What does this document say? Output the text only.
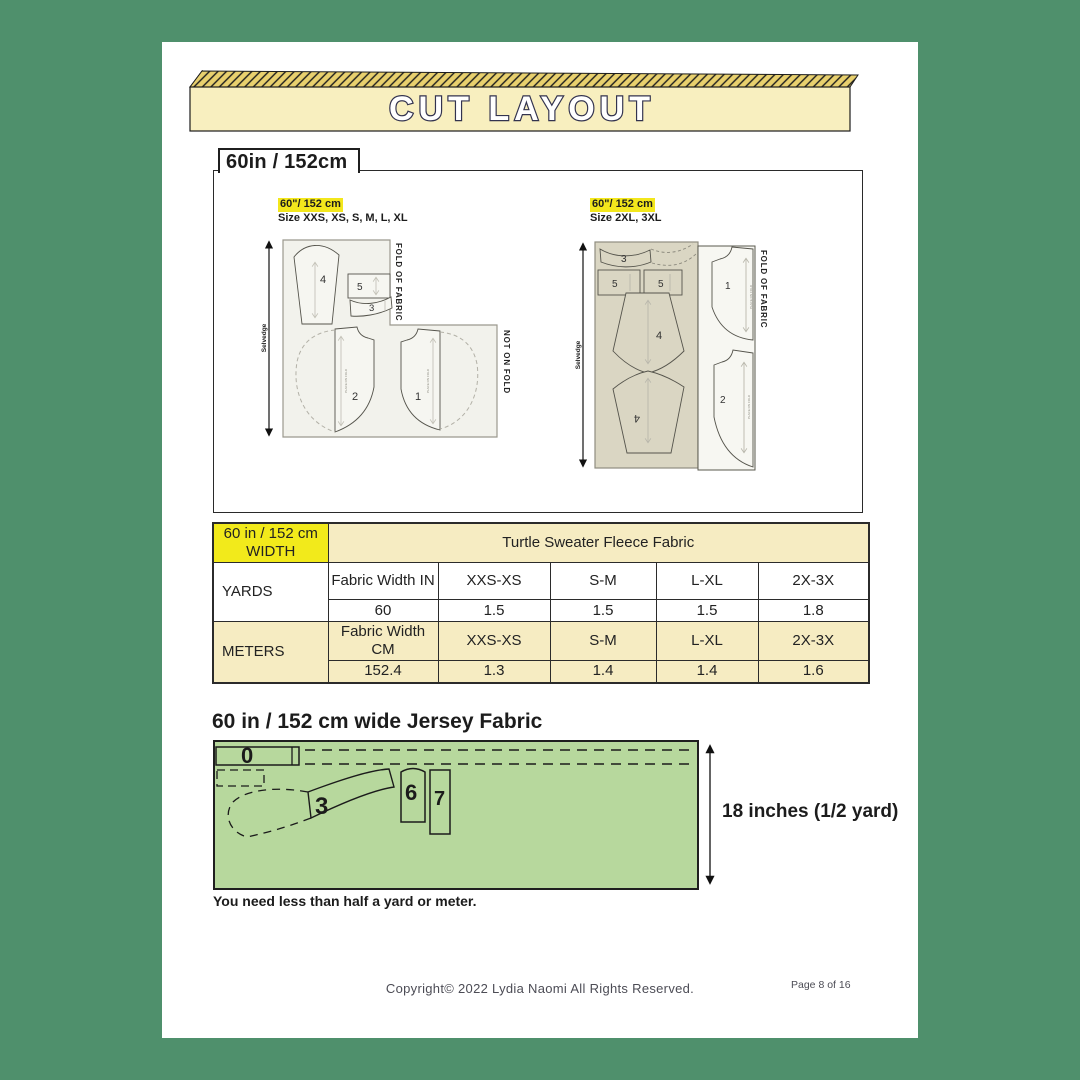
CUT LAYOUT
60in / 152cm
60"/ 152 cm
Size XXS, XS, S, M, L, XL
60"/ 152 cm
Size 2XL, 3XL
Selvedge
FOLD OF FABRIC
NOT ON FOLD
4
5
3
PLACE ON FOLD
2
PLACE ON FOLD
1
Selvedge
FOLD OF FABRIC
3
5	5
4
4
PLACE ON FOLD
1
PLACE ON FOLD
2
60 in / 152 cm WIDTH	Turtle Sweater Fleece Fabric				
YARDS	Fabric Width IN	XXS-XS	S-M	L-XL	2X-3X
	60	1.5	1.5	1.5	1.8
METERS	Fabric Width CM	XXS-XS	S-M	L-XL	2X-3X
	152.4	1.3	1.4	1.4	1.6
60 in / 152 cm wide Jersey Fabric
0
3
6 7
18 inches (1/2 yard)
You need less than half a yard or meter.
Copyright© 2022 Lydia Naomi All Rights Reserved.	Page 8 of 16
